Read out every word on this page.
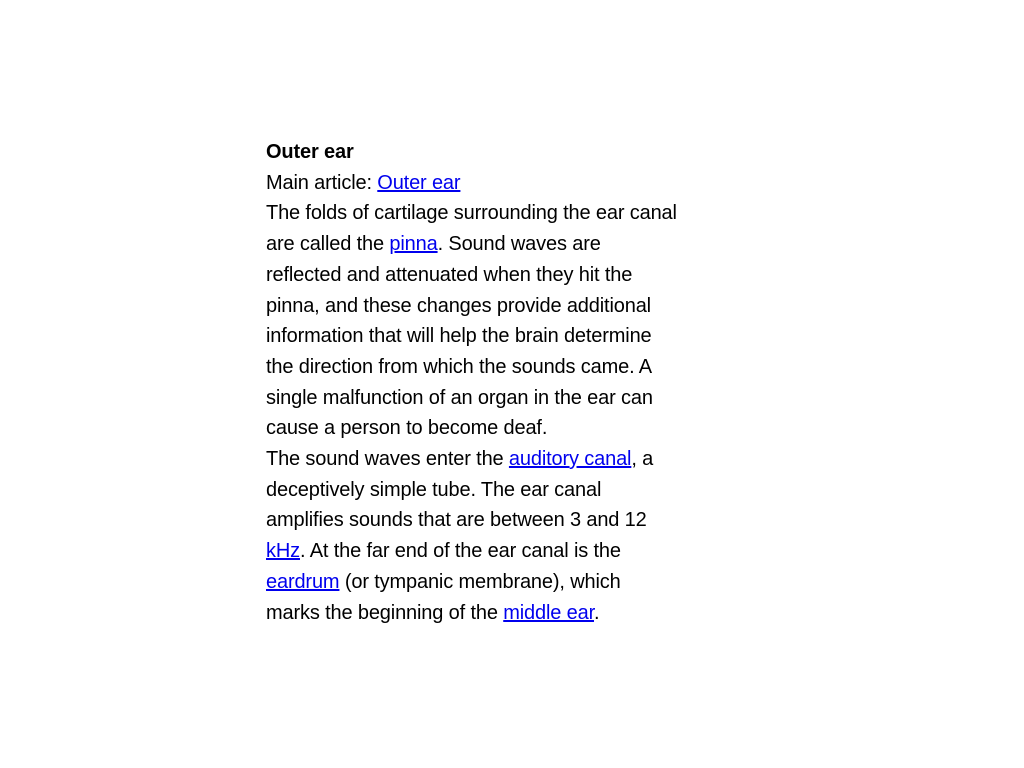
Outer ear
Main article: Outer ear
The folds of cartilage surrounding the ear canal
are called the pinna. Sound waves are
reflected and attenuated when they hit the
pinna, and these changes provide additional
information that will help the brain determine
the direction from which the sounds came. A
single malfunction of an organ in the ear can
cause a person to become deaf.
The sound waves enter the auditory canal, a
deceptively simple tube. The ear canal
amplifies sounds that are between 3 and 12
kHz. At the far end of the ear canal is the
eardrum (or tympanic membrane), which
marks the beginning of the middle ear.
